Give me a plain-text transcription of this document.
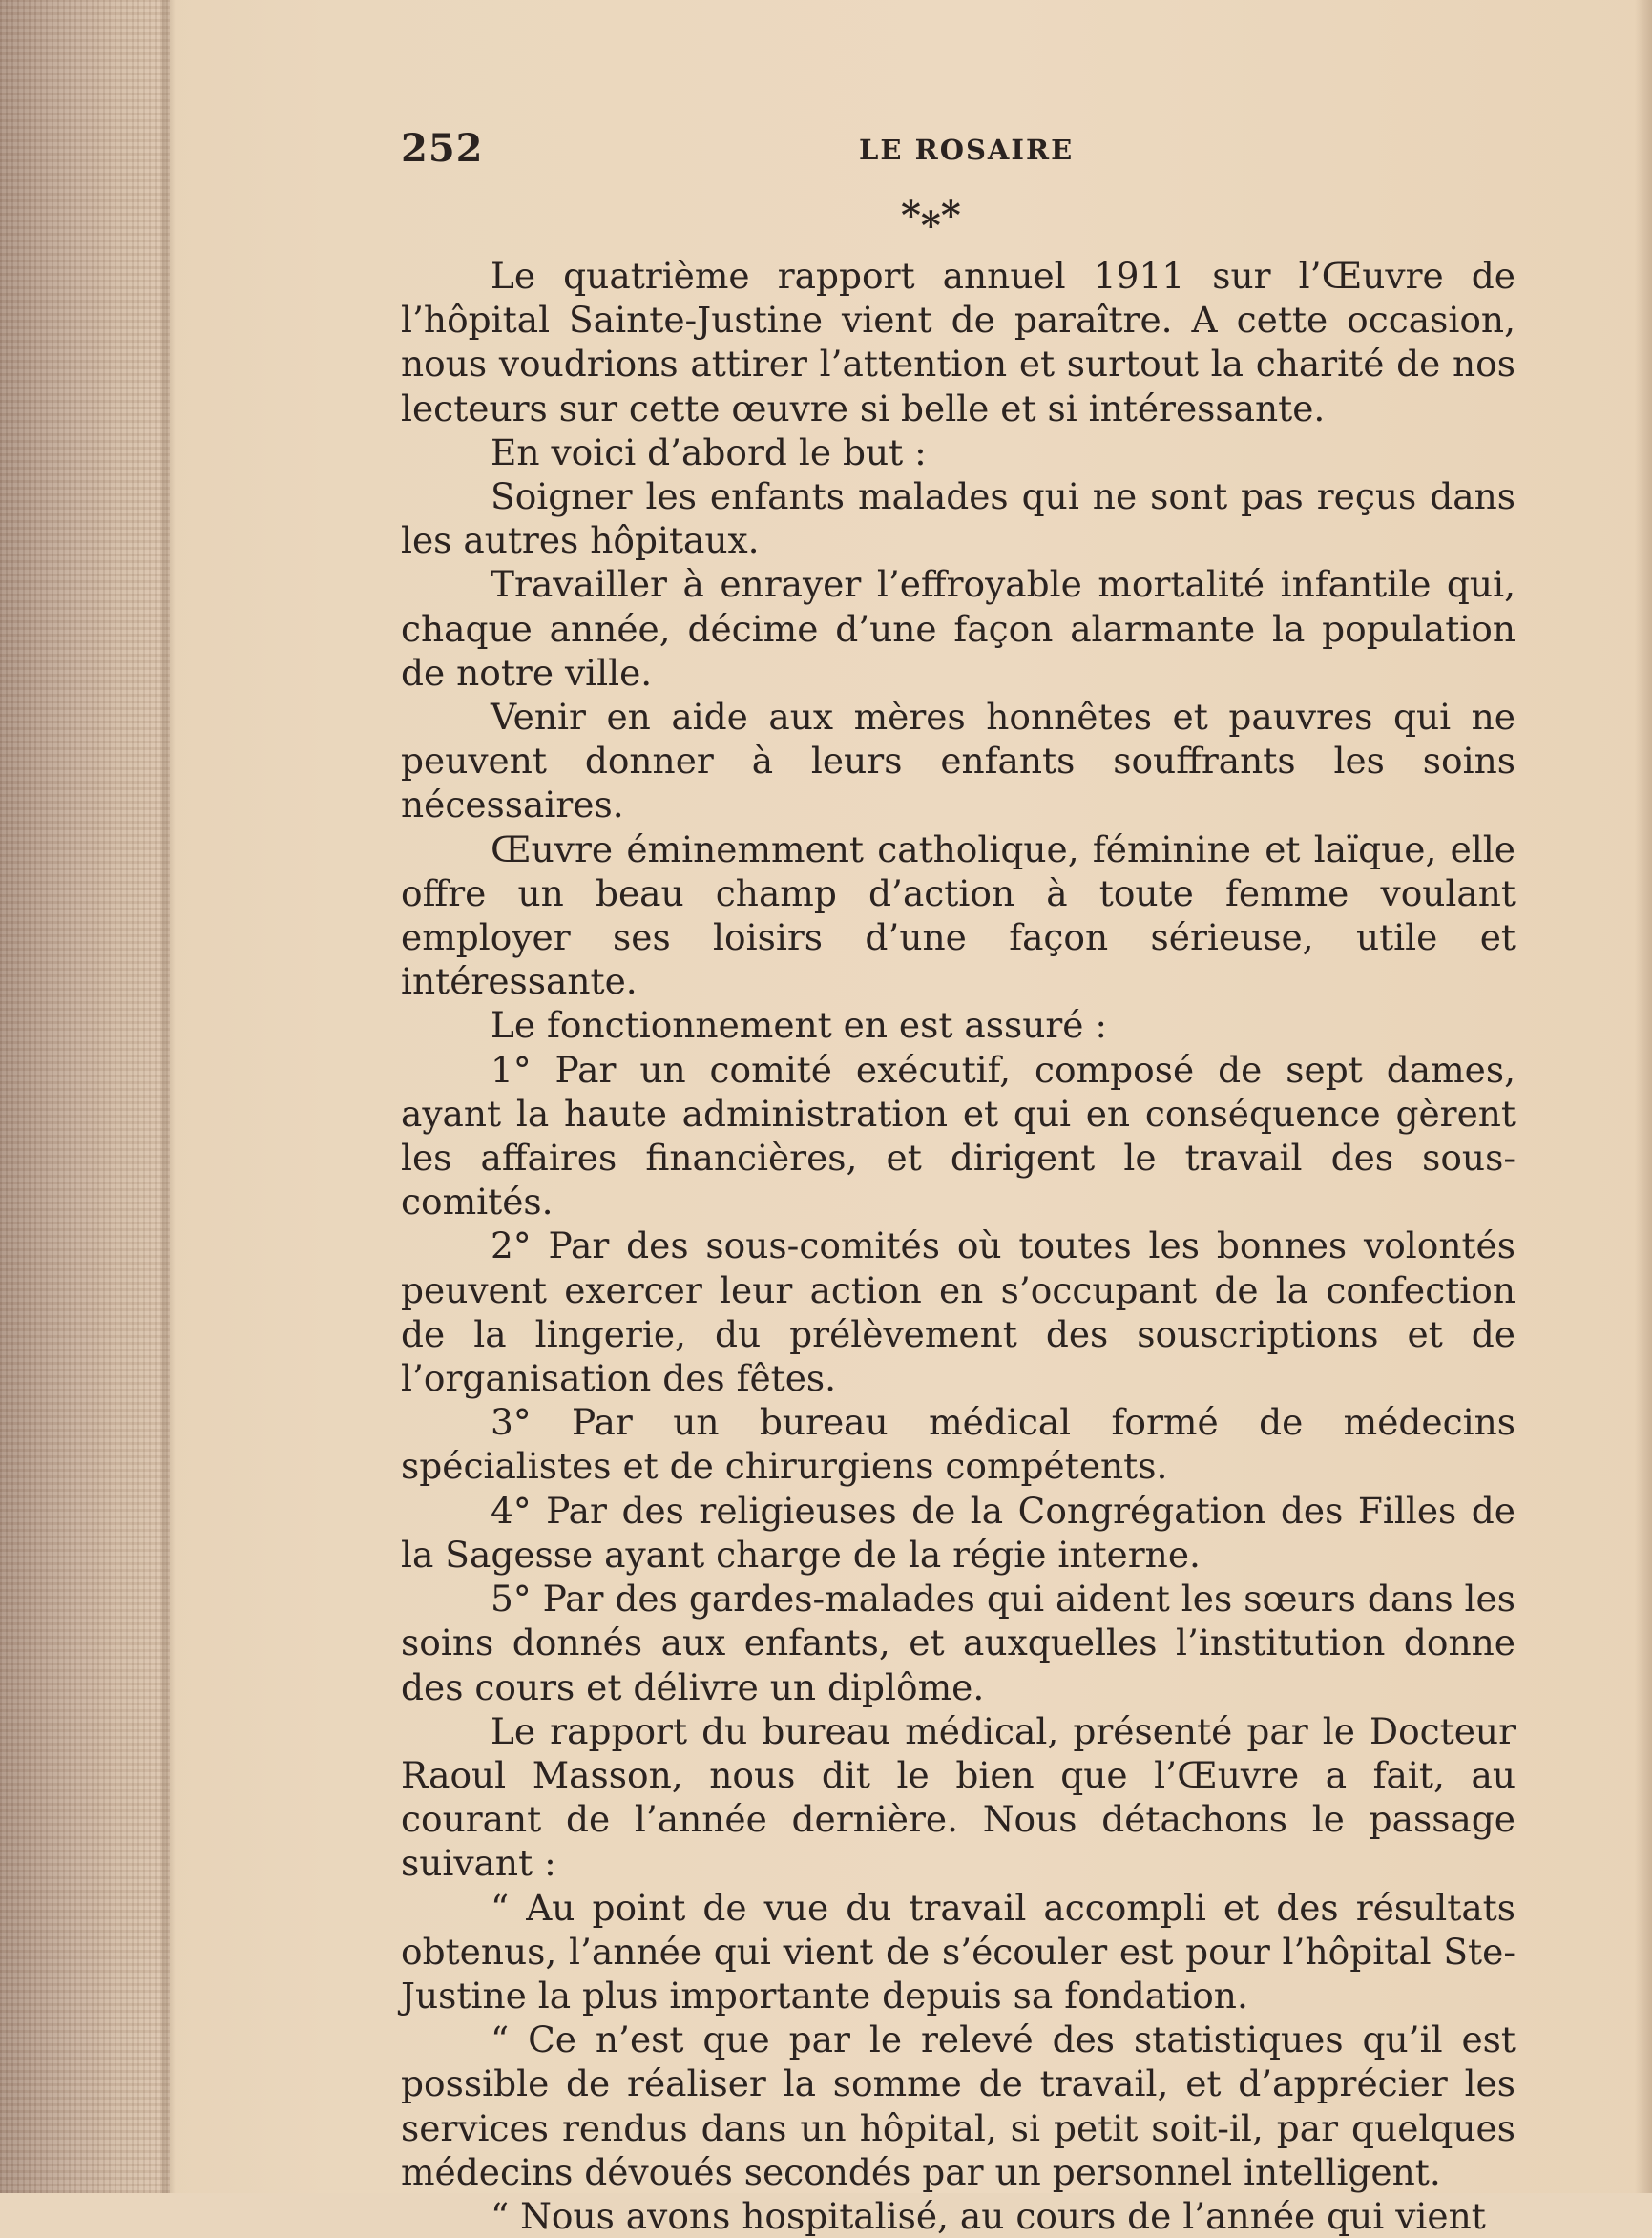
252	LE ROSAIRE
*⁎*

Le quatrième rapport annuel 1911 sur l’Œuvre de l’hôpital Sainte-Justine vient de paraître. A cette occasion, nous voudrions attirer l’attention et surtout la charité de nos lecteurs sur cette œuvre si belle et si intéressante.

En voici d’abord le but :

Soigner les enfants malades qui ne sont pas reçus dans les autres hôpitaux.

Travailler à enrayer l’effroyable mortalité infantile qui, chaque année, décime d’une façon alarmante la population de notre ville.

Venir en aide aux mères honnêtes et pauvres qui ne peuvent donner à leurs enfants souffrants les soins nécessaires.

Œuvre éminemment catholique, féminine et laïque, elle offre un beau champ d’action à toute femme voulant employer ses loisirs d’une façon sérieuse, utile et intéressante.

Le fonctionnement en est assuré :

1° Par un comité exécutif, composé de sept dames, ayant la haute administration et qui en conséquence gèrent les affaires financières, et dirigent le travail des sous-comités.

2° Par des sous-comités où toutes les bonnes volontés peuvent exercer leur action en s’occupant de la confection de la lingerie, du prélèvement des souscriptions et de l’organisation des fêtes.

3° Par un bureau médical formé de médecins spécialistes et de chirurgiens compétents.

4° Par des religieuses de la Congrégation des Filles de la Sagesse ayant charge de la régie interne.

5° Par des gardes-malades qui aident les sœurs dans les soins donnés aux enfants, et auxquelles l’institution donne des cours et délivre un diplôme.

Le rapport du bureau médical, présenté par le Docteur Raoul Masson, nous dit le bien que l’Œuvre a fait, au courant de l’année dernière. Nous détachons le passage suivant :

“ Au point de vue du travail accompli et des résultats obtenus, l’année qui vient de s’écouler est pour l’hôpital Ste-Justine la plus importante depuis sa fondation.

“ Ce n’est que par le relevé des statistiques qu’il est possible de réaliser la somme de travail, et d’apprécier les services rendus dans un hôpital, si petit soit-il, par quelques médecins dévoués secondés par un personnel intelligent.

“ Nous avons hospitalisé, au cours de l’année qui vient
